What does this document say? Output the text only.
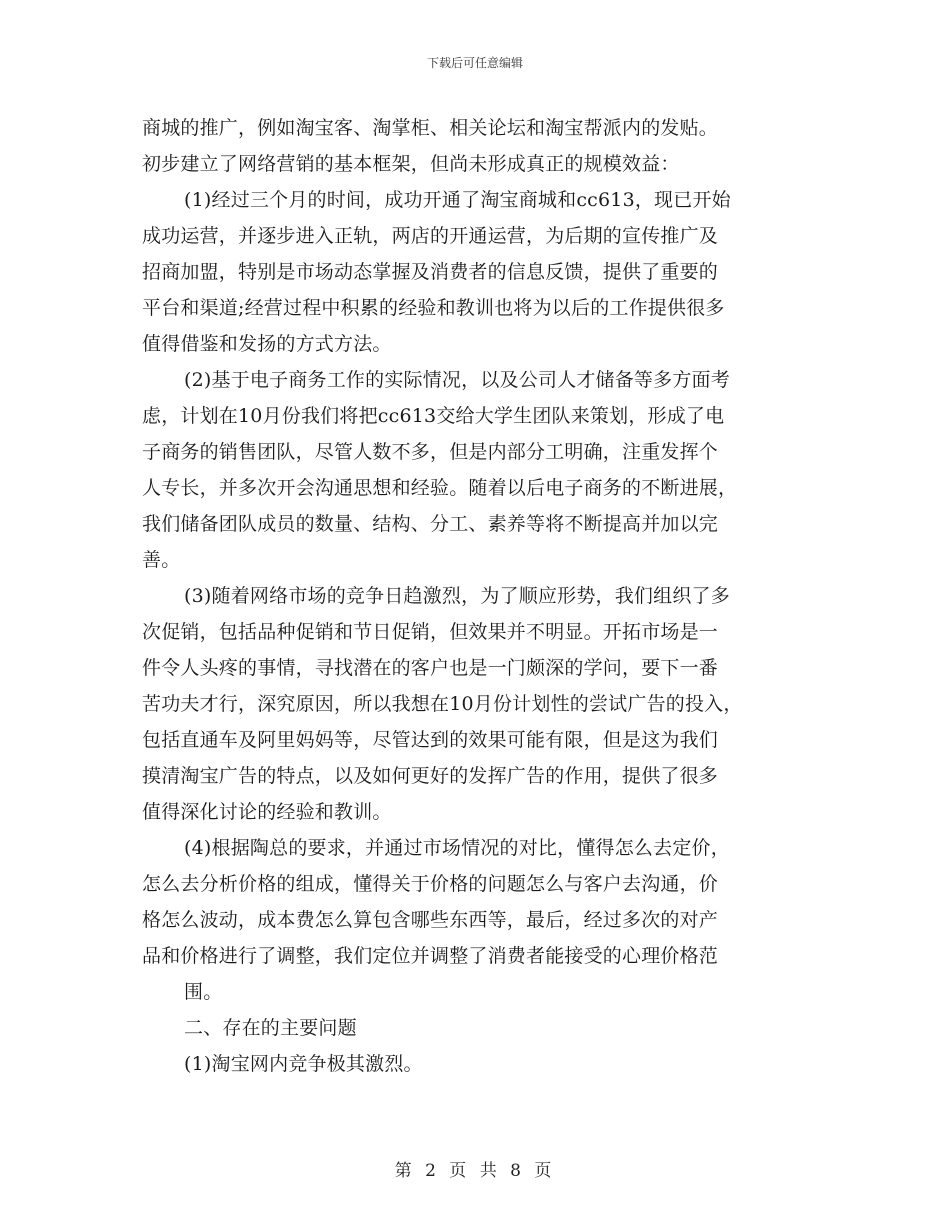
下载后可任意编辑
商城的推广，例如淘宝客、淘掌柜、相关论坛和淘宝帮派内的发贴。
初步建立了网络营销的基本框架，但尚未形成真正的规模效益：
(1)经过三个月的时间，成功开通了淘宝商城和cc613，现已开始
成功运营，并逐步进入正轨，两店的开通运营，为后期的宣传推广及
招商加盟，特别是市场动态掌握及消费者的信息反馈，提供了重要的
平台和渠道;经营过程中积累的经验和教训也将为以后的工作提供很多
值得借鉴和发扬的方式方法。
(2)基于电子商务工作的实际情况，以及公司人才储备等多方面考
虑，计划在10月份我们将把cc613交给大学生团队来策划，形成了电
子商务的销售团队，尽管人数不多，但是内部分工明确，注重发挥个
人专长，并多次开会沟通思想和经验。随着以后电子商务的不断进展，
我们储备团队成员的数量、结构、分工、素养等将不断提高并加以完
善。
(3)随着网络市场的竞争日趋激烈，为了顺应形势，我们组织了多
次促销，包括品种促销和节日促销，但效果并不明显。开拓市场是一
件令人头疼的事情，寻找潜在的客户也是一门颇深的学问，要下一番
苦功夫才行，深究原因，所以我想在10月份计划性的尝试广告的投入，
包括直通车及阿里妈妈等，尽管达到的效果可能有限，但是这为我们
摸清淘宝广告的特点，以及如何更好的发挥广告的作用，提供了很多
值得深化讨论的经验和教训。
(4)根据陶总的要求，并通过市场情况的对比，懂得怎么去定价，
怎么去分析价格的组成，懂得关于价格的问题怎么与客户去沟通，价
格怎么波动，成本费怎么算包含哪些东西等，最后，经过多次的对产
品和价格进行了调整，我们定位并调整了消费者能接受的心理价格范
围。
二、存在的主要问题
(1)淘宝网内竞争极其激烈。
第 2 页 共 8 页
